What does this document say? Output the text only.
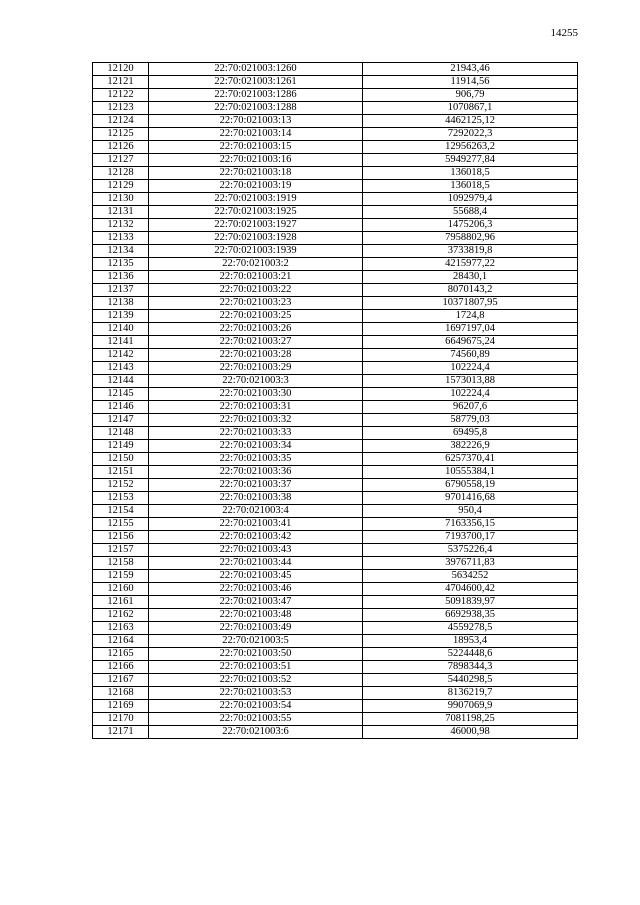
14255
12120	22:70:021003:1260	21943,46
12121	22:70:021003:1261	11914,56
12122	22:70:021003:1286	906,79
12123	22:70:021003:1288	1070867,1
12124	22:70:021003:13	4462125,12
12125	22:70:021003:14	7292022,3
12126	22:70:021003:15	12956263,2
12127	22:70:021003:16	5949277,84
12128	22:70:021003:18	136018,5
12129	22:70:021003:19	136018,5
12130	22:70:021003:1919	1092979,4
12131	22:70:021003:1925	55688,4
12132	22:70:021003:1927	1475206,3
12133	22:70:021003:1928	7958802,96
12134	22:70:021003:1939	3733819,8
12135	22:70:021003:2	4215977,22
12136	22:70:021003:21	28430,1
12137	22:70:021003:22	8070143,2
12138	22:70:021003:23	10371807,95
12139	22:70:021003:25	1724,8
12140	22:70:021003:26	1697197,04
12141	22:70:021003:27	6649675,24
12142	22:70:021003:28	74560,89
12143	22:70:021003:29	102224,4
12144	22:70:021003:3	1573013,88
12145	22:70:021003:30	102224,4
12146	22:70:021003:31	96207,6
12147	22:70:021003:32	58779,03
12148	22:70:021003:33	69495,8
12149	22:70:021003:34	382226,9
12150	22:70:021003:35	6257370,41
12151	22:70:021003:36	10555384,1
12152	22:70:021003:37	6790558,19
12153	22:70:021003:38	9701416,68
12154	22:70:021003:4	950,4
12155	22:70:021003:41	7163356,15
12156	22:70:021003:42	7193700,17
12157	22:70:021003:43	5375226,4
12158	22:70:021003:44	3976711,83
12159	22:70:021003:45	5634252
12160	22:70:021003:46	4704600,42
12161	22:70:021003:47	5091839,97
12162	22:70:021003:48	6692938,35
12163	22:70:021003:49	4559278,5
12164	22:70:021003:5	18953,4
12165	22:70:021003:50	5224448,6
12166	22:70:021003:51	7898344,3
12167	22:70:021003:52	5440298,5
12168	22:70:021003:53	8136219,7
12169	22:70:021003:54	9907069,9
12170	22:70:021003:55	7081198,25
12171	22:70:021003:6	46000,98
